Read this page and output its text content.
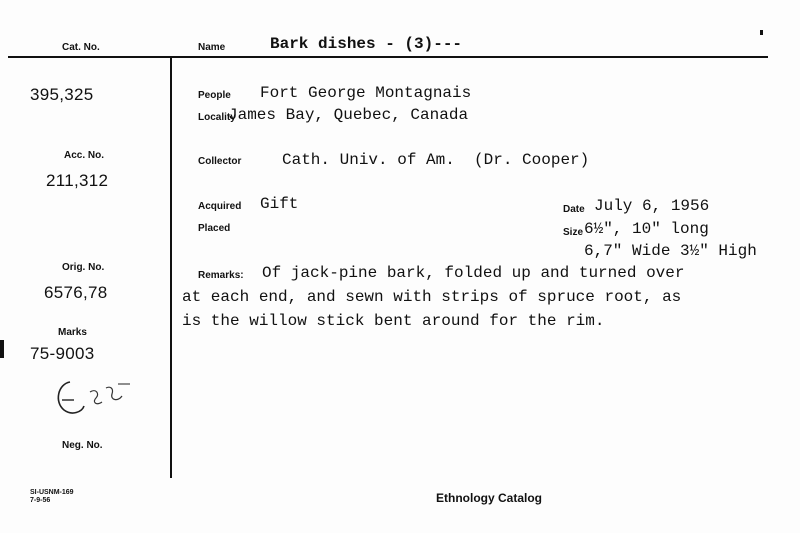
Cat. No.	Name	Bark dishes - (3)---
395,325
Acc. No.
211,312
Orig. No.
6576,78
Marks
75-9003
Neg. No.
SI-USNM-169
7-9-56
People Fort George Montagnais
Locality
James Bay, Quebec, Canada
Collector	Cath. Univ. of Am.  (Dr. Cooper)
Acquired Gift
Placed
Date July 6, 1956
Size 6½", 10" long
6,7" Wide 3½" High
Remarks: Of jack-pine bark, folded up and turned over
at each end, and sewn with strips of spruce root, as
is the willow stick bent around for the rim.
Ethnology Catalog
